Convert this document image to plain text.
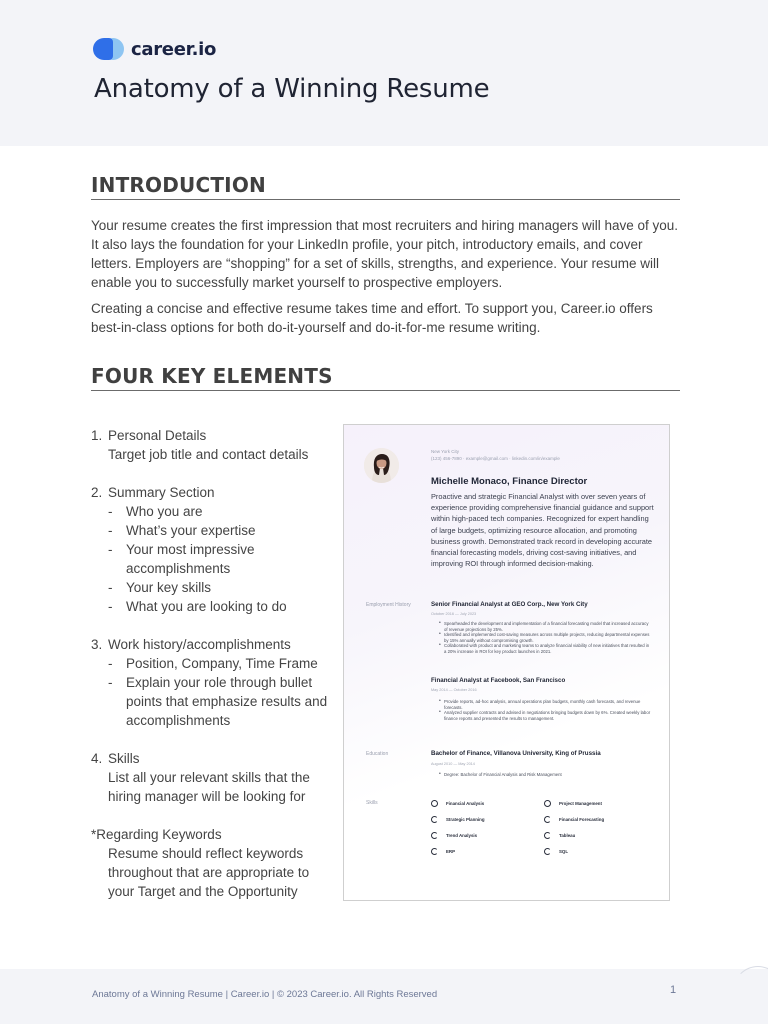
career.io
Anatomy of a Winning Resume
INTRODUCTION

Your resume creates the first impression that most recruiters and hiring managers will have of you. It also lays the foundation for your LinkedIn profile, your pitch, introductory emails, and cover letters. Employers are “shopping” for a set of skills, strengths, and experience. Your resume will enable you to successfully market yourself to prospective employers.

Creating a concise and effective resume takes time and effort. To support you, Career.io offers best-in-class options for both do-it-yourself and do-it-for-me resume writing.

FOUR KEY ELEMENTS
1. Personal Details
Target job title and contact details
2. Summary Section
-	Who you are
-	What’s your expertise
-	Your most impressive accomplishments
-	Your key skills
-	What you are looking to do
3. Work history/accomplishments
-	Position, Company, Time Frame
-	Explain your role through bullet points that emphasize results and accomplishments
4. Skills
List all your relevant skills that the hiring manager will be looking for
*Regarding Keywords
Resume should reflect keywords throughout that are appropriate to your Target and the Opportunity
New York City
(123) 456-7890 · example@gmail.com · linkedin.com/in/example
Michelle Monaco, Finance Director
Proactive and strategic Financial Analyst with over seven years of experience providing comprehensive financial guidance and support within high-paced tech companies. Recognized for expert handling of large budgets, optimizing resource allocation, and promoting business growth. Demonstrated track record in developing accurate financial forecasting models, driving cost-saving initiatives, and improving ROI through informed decision-making.
Employment History	Senior Financial Analyst at GEO Corp., New York City
October 2016 — July 2023
• Spearheaded the development and implementation of a financial forecasting model that increased accuracy of revenue projections by 25%.
• Identified and implemented cost-saving measures across multiple projects, reducing departmental expenses by 15% annually without compromising growth.
• Collaborated with product and marketing teams to analyze financial viability of new initiatives that resulted in a 20% increase in ROI for key product launches in 2021.
Financial Analyst at Facebook, San Francisco
May 2014 — October 2016
• Provide reports, ad-hoc analysis, annual operations plan budgets, monthly cash forecasts, and revenue forecasts.
• Analyzed supplier contracts and advised in negotiations bringing budgets down by 6%. Created weekly labor finance reports and presented the results to management.
Education	Bachelor of Finance, Villanova University, King of Prussia
August 2010 — May 2014
• Degree: Bachelor of Financial Analysis and Risk Management
Skills	Financial Analysis	Project Management
Strategic Planning	Financial Forecasting
Trend Analysis	Tableau
ERP	SQL
Anatomy of a Winning Resume | Career.io | © 2023 Career.io. All Rights Reserved	1
